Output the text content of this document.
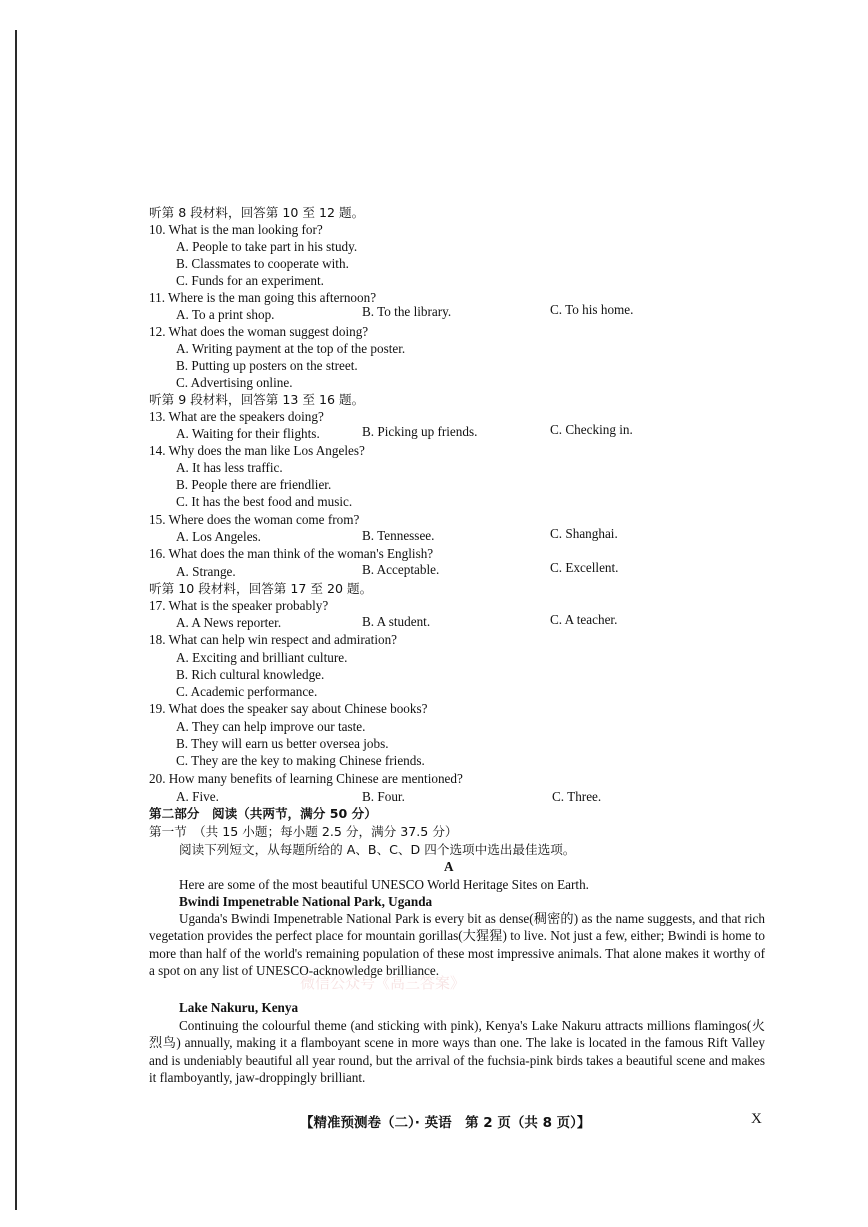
听第 8 段材料，回答第 10 至 12 题。
10. What is the man looking for?
A. People to take part in his study.
B. Classmates to cooperate with.
C. Funds for an experiment.
11. Where is the man going this afternoon?
A. To a print shop.	B. To the library.	C. To his home.
12. What does the woman suggest doing?
A. Writing payment at the top of the poster.
B. Putting up posters on the street.
C. Advertising online.
听第 9 段材料，回答第 13 至 16 题。
13. What are the speakers doing?
A. Waiting for their flights.	B. Picking up friends.	C. Checking in.
14. Why does the man like Los Angeles?
A. It has less traffic.
B. People there are friendlier.
C. It has the best food and music.
15. Where does the woman come from?
A. Los Angeles.	B. Tennessee.	C. Shanghai.
16. What does the man think of the woman's English?
A. Strange.	B. Acceptable.	C. Excellent.
听第 10 段材料，回答第 17 至 20 题。
17. What is the speaker probably?
A. A News reporter.	B. A student.	C. A teacher.
18. What can help win respect and admiration?
A. Exciting and brilliant culture.
B. Rich cultural knowledge.
C. Academic performance.
19. What does the speaker say about Chinese books?
A. They can help improve our taste.
B. They will earn us better oversea jobs.
C. They are the key to making Chinese friends.
20. How many benefits of learning Chinese are mentioned?
A. Five.	B. Four.	C. Three.
第二部分　阅读（共两节，满分 50 分）
第一节　（共 15 小题；每小题 2.5 分，满分 37.5 分）
阅读下列短文，从每题所给的 A、B、C、D 四个选项中选出最佳选项。
A
Here are some of the most beautiful UNESCO World Heritage Sites on Earth.
Bwindi Impenetrable National Park, Uganda

Uganda's Bwindi Impenetrable National Park is every bit as dense(稠密的) as the name suggests, and that rich vegetation provides the perfect place for mountain gorillas(大猩猩) to live. Not just a few, either; Bwindi is home to more than half of the world's remaining population of these most impressive animals. That alone makes it worthy of a spot on any list of UNESCO-acknowledge brilliance.

Lake Nakuru, Kenya

Continuing the colourful theme (and sticking with pink), Kenya's Lake Nakuru attracts millions flamingos(火烈鸟) annually, making it a flamboyant scene in more ways than one. The lake is located in the famous Rift Valley and is undeniably beautiful all year round, but the arrival of the fuchsia-pink birds takes a beautiful scene and makes it flamboyantly, jaw-droppingly brilliant.

微信公众号《高三答案》
【精准预测卷（二）· 英语　第 2 页（共 8 页）】	X
